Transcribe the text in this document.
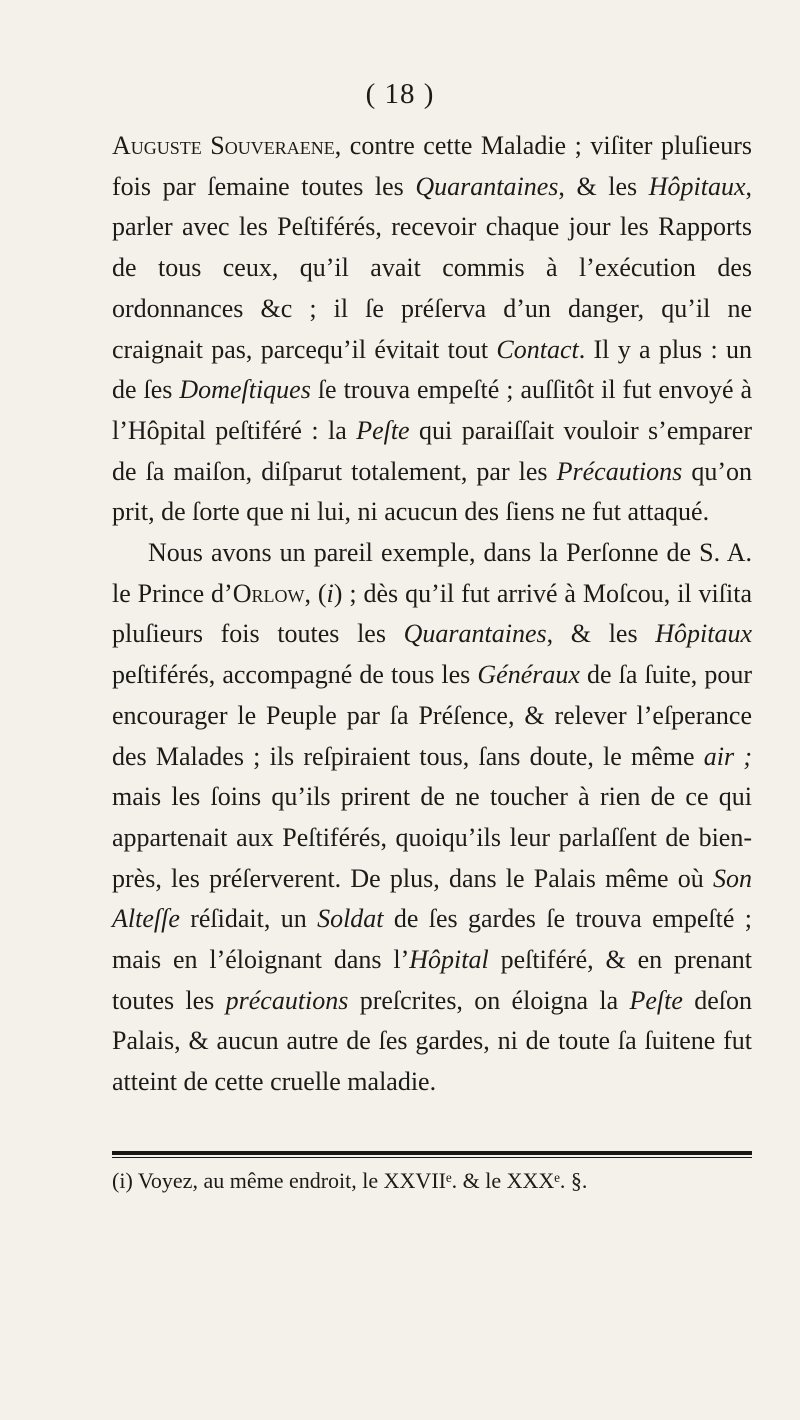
( 18 )

Auguste Souveraene, contre cette Maladie ; viſiter pluſieurs fois par ſemaine toutes les Quarantaines, & les Hôpitaux, parler avec les Peſtiférés, recevoir chaque jour les Rapports de tous ceux, qu’il avait commis à l’exécution des ordonnances &c ; il ſe préſerva d’un danger, qu’il ne craignait pas, parcequ’il évitait tout Contact. Il y a plus : un de ſes Domeſtiques ſe trouva empeſté ; auſſitôt il fut envoyé à l’Hôpital peſtiféré : la Peſte qui paraiſſait vouloir s’emparer de ſa maiſon, diſparut totalement, par les Précautions qu’on prit, de ſorte que ni lui, ni acucun des ſiens ne fut attaqué.

Nous avons un pareil exemple, dans la Perſonne de S. A. le Prince d’Orlow, (i) ; dès qu’il fut arrivé à Moſcou, il viſita pluſieurs fois toutes les Quarantaines, & les Hôpitaux peſtiférés, accompagné de tous les Généraux de ſa ſuite, pour encourager le Peuple par ſa Préſence, & relever l’eſperance des Malades ; ils reſpiraient tous, ſans doute, le même air ; mais les ſoins qu’ils prirent de ne toucher à rien de ce qui appartenait aux Peſtiférés, quoiqu’ils leur parlaſſent de bien-près, les préſerverent. De plus, dans le Palais même où Son Alteſſe réſidait, un Soldat de ſes gardes ſe trouva empeſté ; mais en l’éloignant dans l’Hôpital peſtiféré, & en prenant toutes les précautions preſcrites, on éloigna la Peſte deſon Palais, & aucun autre de ſes gardes, ni de toute ſa ſuitene fut atteint de cette cruelle maladie.

(i) Voyez, au même endroit, le XXVIIᵉ. & le XXXᵉ. §.
